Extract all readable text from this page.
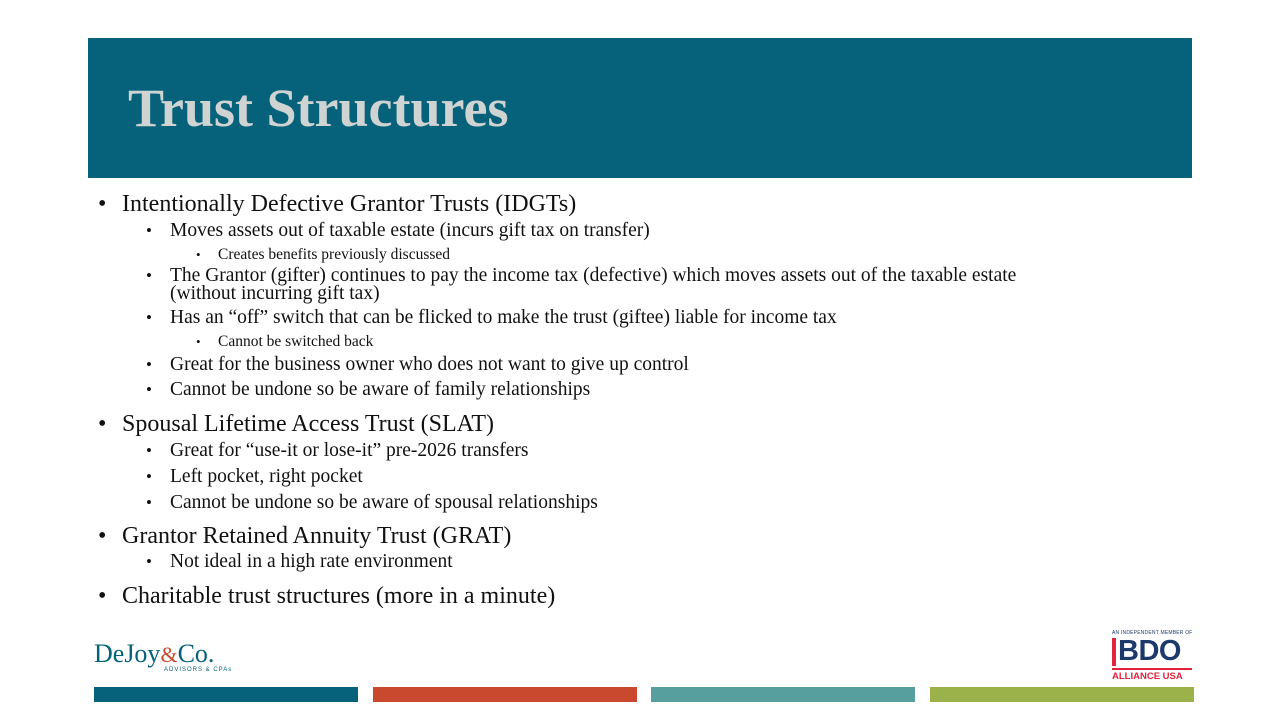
Trust Structures
• Intentionally Defective Grantor Trusts (IDGTs)
• Moves assets out of taxable estate (incurs gift tax on transfer)
• Creates benefits previously discussed
• The Grantor (gifter) continues to pay the income tax (defective) which moves assets out of the taxable estate (without incurring gift tax)
• Has an “off” switch that can be flicked to make the trust (giftee) liable for income tax
• Cannot be switched back
• Great for the business owner who does not want to give up control
• Cannot be undone so be aware of family relationships
• Spousal Lifetime Access Trust (SLAT)
• Great for “use-it or lose-it” pre-2026 transfers
• Left pocket, right pocket
• Cannot be undone so be aware of spousal relationships
• Grantor Retained Annuity Trust (GRAT)
• Not ideal in a high rate environment
• Charitable trust structures (more in a minute)
DeJoy&Co.
ADVISORS & CPAs
AN INDEPENDENT MEMBER OF
BDO
ALLIANCE USA
